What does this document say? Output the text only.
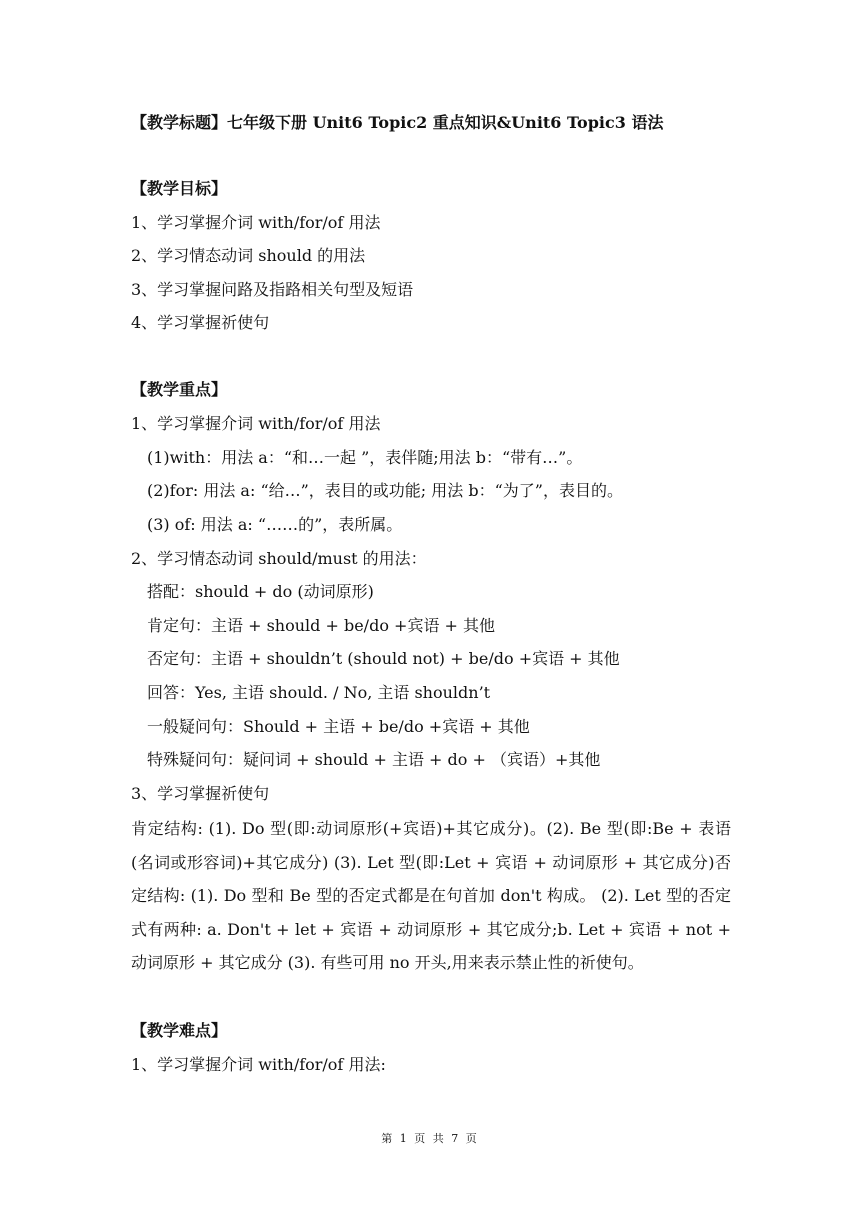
【教学标题】七年级下册 Unit6 Topic2 重点知识&Unit6 Topic3 语法
【教学目标】
1、学习掌握介词 with/for/of 用法
2、学习情态动词 should 的用法
3、学习掌握问路及指路相关句型及短语
4、学习掌握祈使句
【教学重点】
1、学习掌握介词 with/for/of 用法
(1)with：用法 a：“和…一起 ”，表伴随;用法 b：“带有…”。
(2)for: 用法 a: “给…”，表目的或功能; 用法 b：“为了”，表目的。
(3) of: 用法 a: “……的”，表所属。
2、学习情态动词 should/must 的用法：
搭配：should + do (动词原形)
肯定句：主语 + should + be/do +宾语 + 其他
否定句：主语 + shouldn’t (should not) + be/do +宾语 + 其他
回答：Yes, 主语 should. / No, 主语 shouldn’t
一般疑问句：Should + 主语 + be/do +宾语 + 其他
特殊疑问句：疑问词 + should + 主语 + do + （宾语）+其他
3、学习掌握祈使句
肯定结构: (1). Do 型(即:动词原形(+宾语)+其它成分)。(2). Be 型(即:Be + 表语(名词或形容词)+其它成分) (3). Let 型(即:Let + 宾语 + 动词原形 + 其它成分)否定结构: (1). Do 型和 Be 型的否定式都是在句首加 don't 构成。 (2). Let 型的否定式有两种: a. Don't + let + 宾语 + 动词原形 + 其它成分;b. Let + 宾语 + not + 动词原形 + 其它成分 (3). 有些可用 no 开头,用来表示禁止性的祈使句。
【教学难点】
1、学习掌握介词 with/for/of 用法:
第 1 页 共 7 页
